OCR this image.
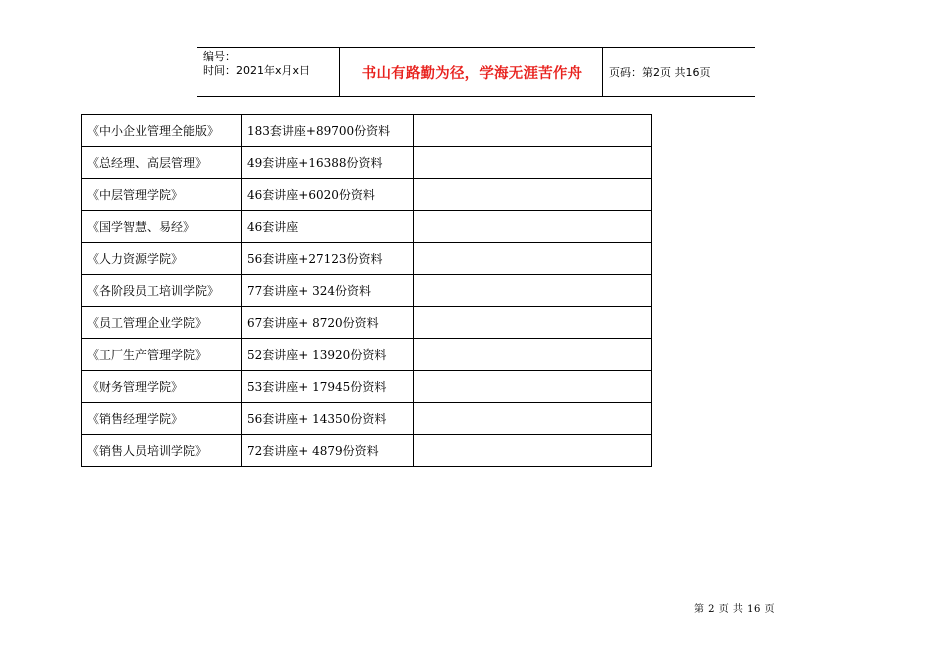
编号：
时间：2021年x月x日	书山有路勤为径，学海无涯苦作舟	页码：第2页 共16页
《中小企业管理全能版》	183套讲座+89700份资料	
《总经理、高层管理》	49套讲座+16388份资料	
《中层管理学院》	46套讲座+6020份资料	
《国学智慧、易经》	46套讲座	
《人力资源学院》	56套讲座+27123份资料	
《各阶段员工培训学院》	77套讲座+ 324份资料	
《员工管理企业学院》	67套讲座+ 8720份资料	
《工厂生产管理学院》	52套讲座+ 13920份资料	
《财务管理学院》	53套讲座+ 17945份资料	
《销售经理学院》	56套讲座+ 14350份资料	
《销售人员培训学院》	72套讲座+ 4879份资料	
第 2 页 共 16 页
